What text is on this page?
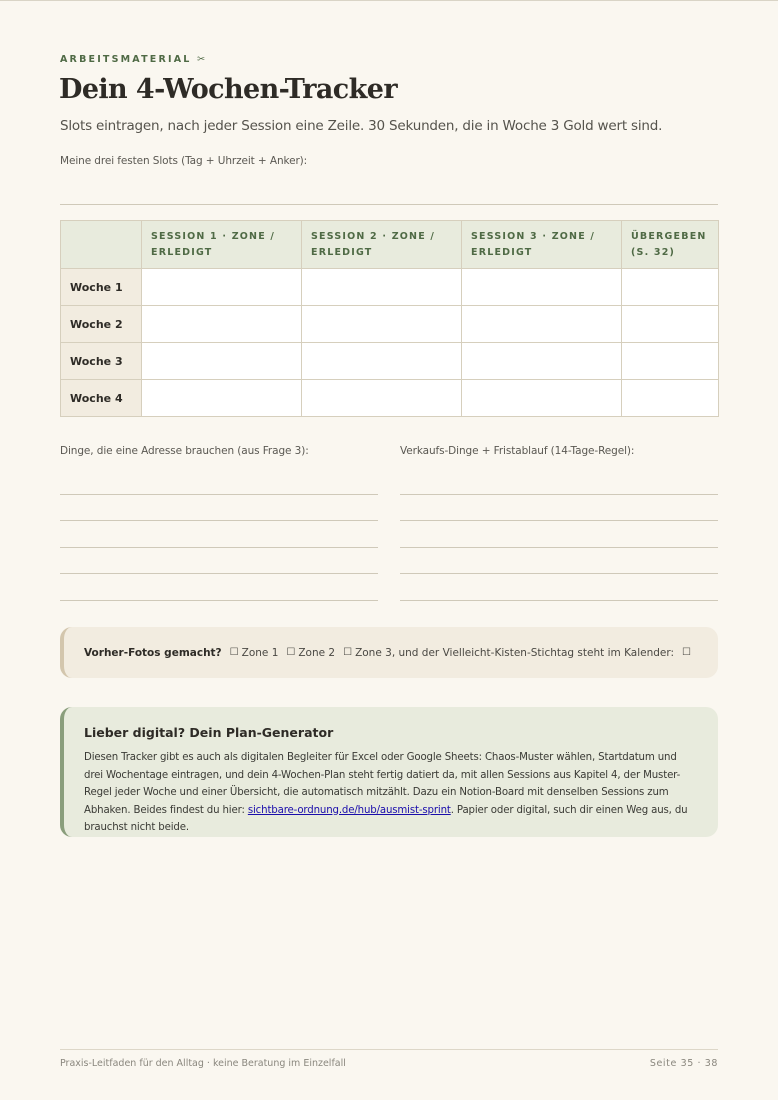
ARBEITSMATERIAL ✂
Dein 4-Wochen-Tracker

Slots eintragen, nach jeder Session eine Zeile. 30 Sekunden, die in Woche 3 Gold wert sind.

Meine drei festen Slots (Tag + Uhrzeit + Anker):
	SESSION 1 · ZONE / ERLEDIGT	SESSION 2 · ZONE / ERLEDIGT	SESSION 3 · ZONE / ERLEDIGT	ÜBERGEBEN (S. 32)
Woche 1				
Woche 2				
Woche 3				
Woche 4				
Dinge, die eine Adresse brauchen (aus Frage 3):	Verkaufs-Dinge + Fristablauf (14-Tage-Regel):
Vorher-Fotos gemacht? ☐ Zone 1 ☐ Zone 2 ☐ Zone 3, und der Vielleicht-Kisten-Stichtag steht im Kalender: ☐
Lieber digital? Dein Plan-Generator

Diesen Tracker gibt es auch als digitalen Begleiter für Excel oder Google Sheets: Chaos-Muster wählen, Startdatum und drei Wochentage eintragen, und dein 4-Wochen-Plan steht fertig datiert da, mit allen Sessions aus Kapitel 4, der Muster-Regel jeder Woche und einer Übersicht, die automatisch mitzählt. Dazu ein Notion-Board mit denselben Sessions zum Abhaken. Beides findest du hier: sichtbare-ordnung.de/hub/ausmist-sprint. Papier oder digital, such dir einen Weg aus, du brauchst nicht beide.

Praxis-Leitfaden für den Alltag · keine Beratung im Einzelfall	Seite 35 · 38
